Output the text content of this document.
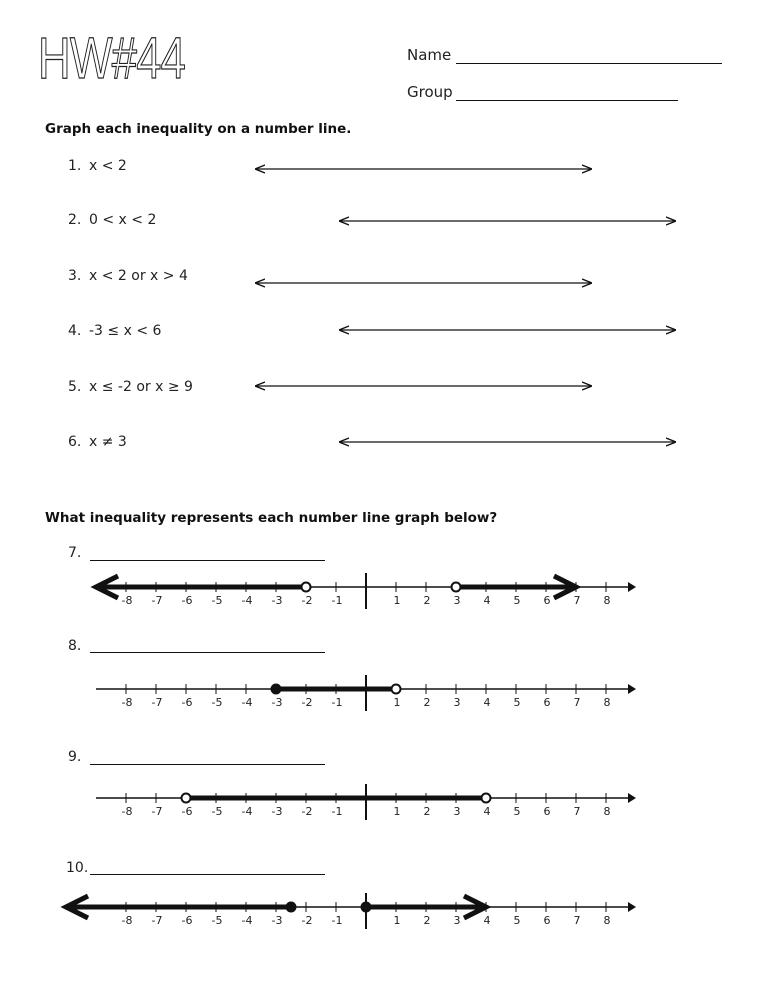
HW#44	Name
Group
Graph each inequality on a number line.
1. x < 2
2. 0 < x < 2
3. x < 2 or x > 4
4. -3 ≤ x < 6
5. x ≤ -2 or x ≥ 9
6. x ≠ 3
What inequality represents each number line graph below?
7.
8.
9.
10.
-8 -7 -6 -5 -4 -3 -2 -1	1 2 3 4 5 6 7 8
-8 -7 -6 -5 -4 -3 -2 -1	1 2 3 4 5 6 7 8
-8 -7 -6 -5 -4 -3 -2 -1	1 2 3 4 5 6 7 8
-8 -7 -6 -5 -4 -3 -2 -1	1 2 3 4 5 6 7 8
